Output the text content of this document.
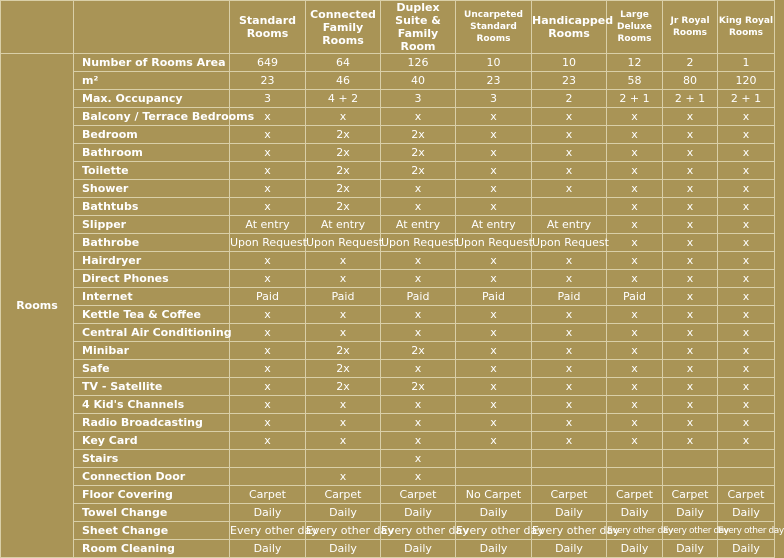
		Standard Rooms	Connected Family Rooms	Duplex Suite & Family Room	Uncarpeted Standard Rooms	Handicapped Rooms	Large Deluxe Rooms	Jr Royal Rooms	King Royal Rooms
Rooms	Number of Rooms Area	649	64	126	10	10	12	2	1
	m²	23	46	40	23	23	58	80	120
	Max. Occupancy	3	4 + 2	3	3	2	2 + 1	2 + 1	2 + 1
	Balcony / Terrace Bedrooms	x	x	x	x	x	x	x	x
	Bedroom	x	2x	2x	x	x	x	x	x
	Bathroom	x	2x	2x	x	x	x	x	x
	Toilette	x	2x	2x	x	x	x	x	x
	Shower	x	2x	x	x	x	x	x	x
	Bathtubs	x	2x	x	x		x	x	x
	Slipper	At entry	At entry	At entry	At entry	At entry	x	x	x
	Bathrobe	Upon Request	Upon Request	Upon Request	Upon Request	Upon Request	x	x	x
	Hairdryer	x	x	x	x	x	x	x	x
	Direct Phones	x	x	x	x	x	x	x	x
	Internet	Paid	Paid	Paid	Paid	Paid	Paid	x	x
	Kettle Tea & Coffee	x	x	x	x	x	x	x	x
	Central Air Conditioning	x	x	x	x	x	x	x	x
	Minibar	x	2x	2x	x	x	x	x	x
	Safe	x	2x	x	x	x	x	x	x
	TV - Satellite	x	2x	2x	x	x	x	x	x
	4 Kid's Channels	x	x	x	x	x	x	x	x
	Radio Broadcasting	x	x	x	x	x	x	x	x
	Key Card	x	x	x	x	x	x	x	x
	Stairs			x					
	Connection Door		x	x					
	Floor Covering	Carpet	Carpet	Carpet	No Carpet	Carpet	Carpet	Carpet	Carpet
	Towel Change	Daily	Daily	Daily	Daily	Daily	Daily	Daily	Daily
	Sheet Change	Every other day	Every other day	Every other day	Every other day	Every other day	Every other day	Every other day	Every other day
	Room Cleaning	Daily	Daily	Daily	Daily	Daily	Daily	Daily	Daily
